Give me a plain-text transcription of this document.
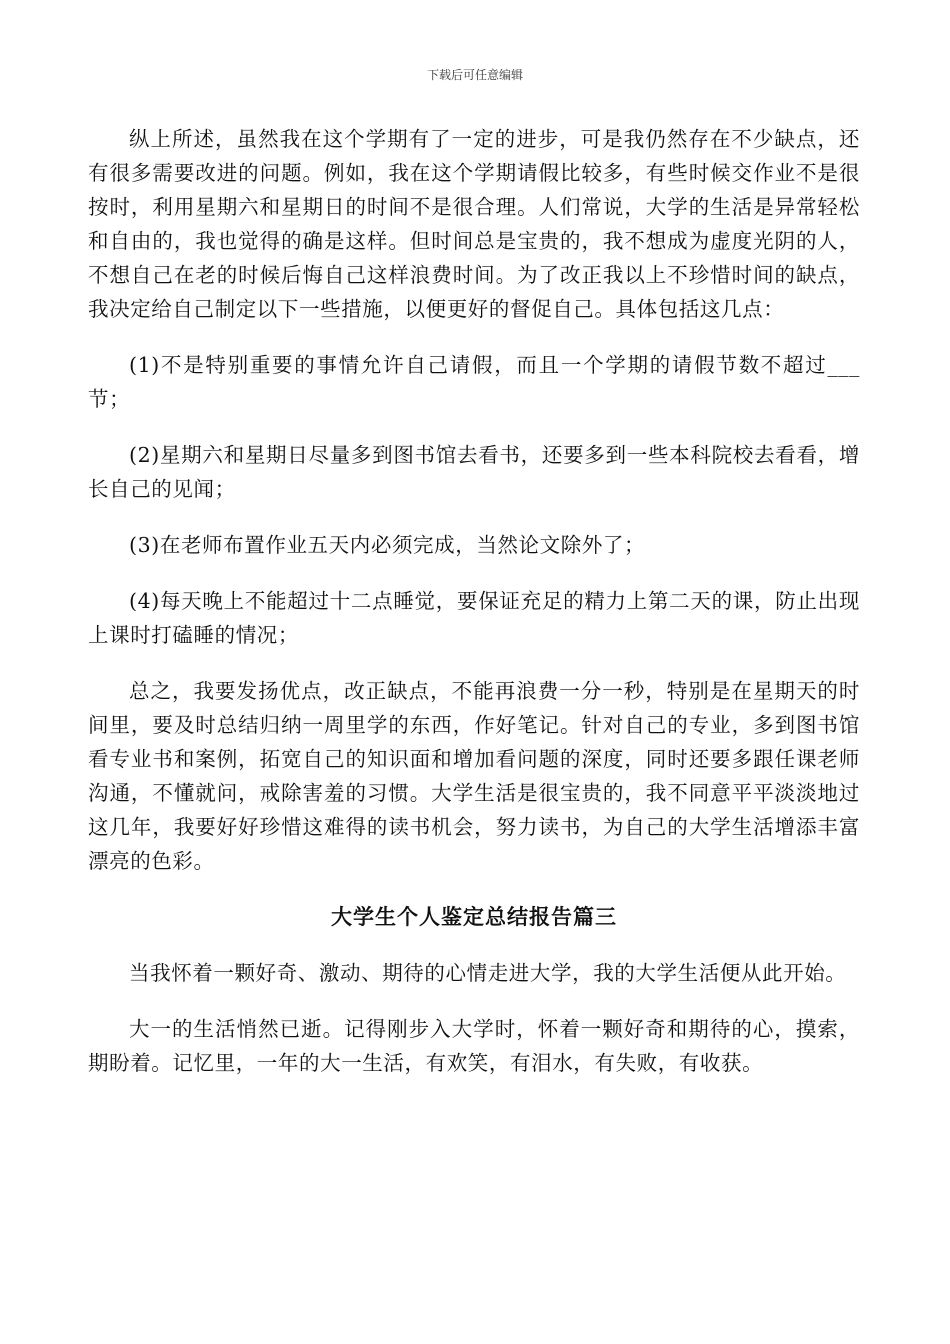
下载后可任意编辑

纵上所述，虽然我在这个学期有了一定的进步，可是我仍然存在不少缺点，还有很多需要改进的问题。例如，我在这个学期请假比较多，有些时候交作业不是很按时，利用星期六和星期日的时间不是很合理。人们常说，大学的生活是异常轻松和自由的，我也觉得的确是这样。但时间总是宝贵的，我不想成为虚度光阴的人，不想自己在老的时候后悔自己这样浪费时间。为了改正我以上不珍惜时间的缺点，我决定给自己制定以下一些措施，以便更好的督促自己。具体包括这几点：

(1)不是特别重要的事情允许自己请假，而且一个学期的请假节数不超过___节；

(2)星期六和星期日尽量多到图书馆去看书，还要多到一些本科院校去看看，增长自己的见闻；

(3)在老师布置作业五天内必须完成，当然论文除外了；

(4)每天晚上不能超过十二点睡觉，要保证充足的精力上第二天的课，防止出现上课时打磕睡的情况；

总之，我要发扬优点，改正缺点，不能再浪费一分一秒，特别是在星期天的时间里，要及时总结归纳一周里学的东西，作好笔记。针对自己的专业，多到图书馆看专业书和案例，拓宽自己的知识面和增加看问题的深度，同时还要多跟任课老师沟通，不懂就问，戒除害羞的习惯。大学生活是很宝贵的，我不同意平平淡淡地过这几年，我要好好珍惜这难得的读书机会，努力读书，为自己的大学生活增添丰富漂亮的色彩。

大学生个人鉴定总结报告篇三

当我怀着一颗好奇、激动、期待的心情走进大学，我的大学生活便从此开始。

大一的生活悄然已逝。记得刚步入大学时，怀着一颗好奇和期待的心，摸索，期盼着。记忆里，一年的大一生活，有欢笑，有泪水，有失败，有收获。
